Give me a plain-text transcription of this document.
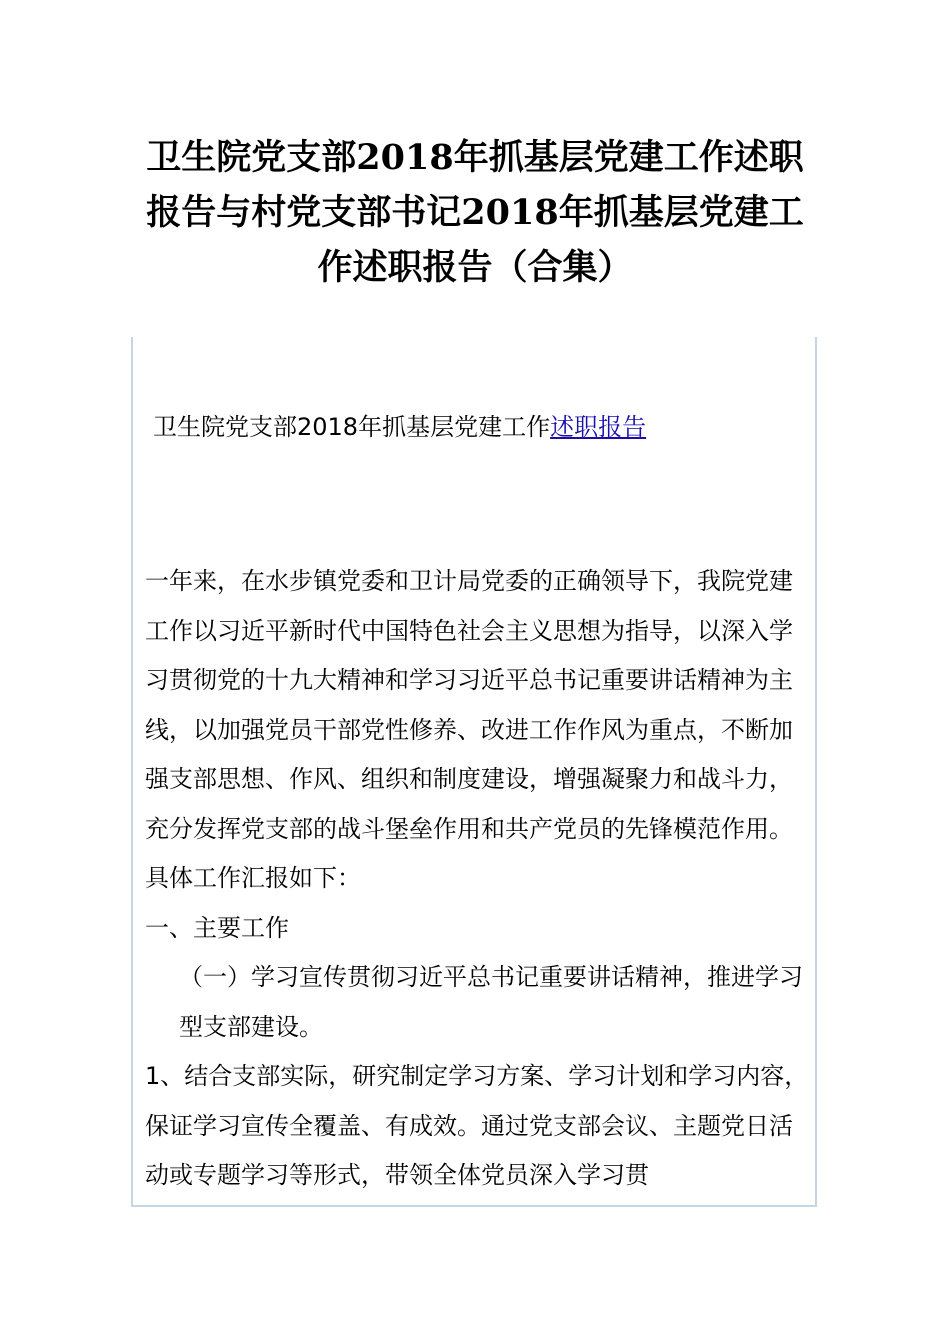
卫生院党支部2018年抓基层党建工作述职
报告与村党支部书记2018年抓基层党建工
作述职报告（合集）
卫生院党支部2018年抓基层党建工作述职报告

一年来，在水步镇党委和卫计局党委的正确领导下，我院党建工作以习近平新时代中国特色社会主义思想为指导，以深入学习贯彻党的十九大精神和学习习近平总书记重要讲话精神为主线，以加强党员干部党性修养、改进工作作风为重点，不断加强支部思想、作风、组织和制度建设，增强凝聚力和战斗力，充分发挥党支部的战斗堡垒作用和共产党员的先锋模范作用。具体工作汇报如下：

一、主要工作

（一）学习宣传贯彻习近平总书记重要讲话精神，推进学习型支部建设。

1、结合支部实际，研究制定学习方案、学习计划和学习内容，保证学习宣传全覆盖、有成效。通过党支部会议、主题党日活动或专题学习等形式，带领全体党员深入学习贯
